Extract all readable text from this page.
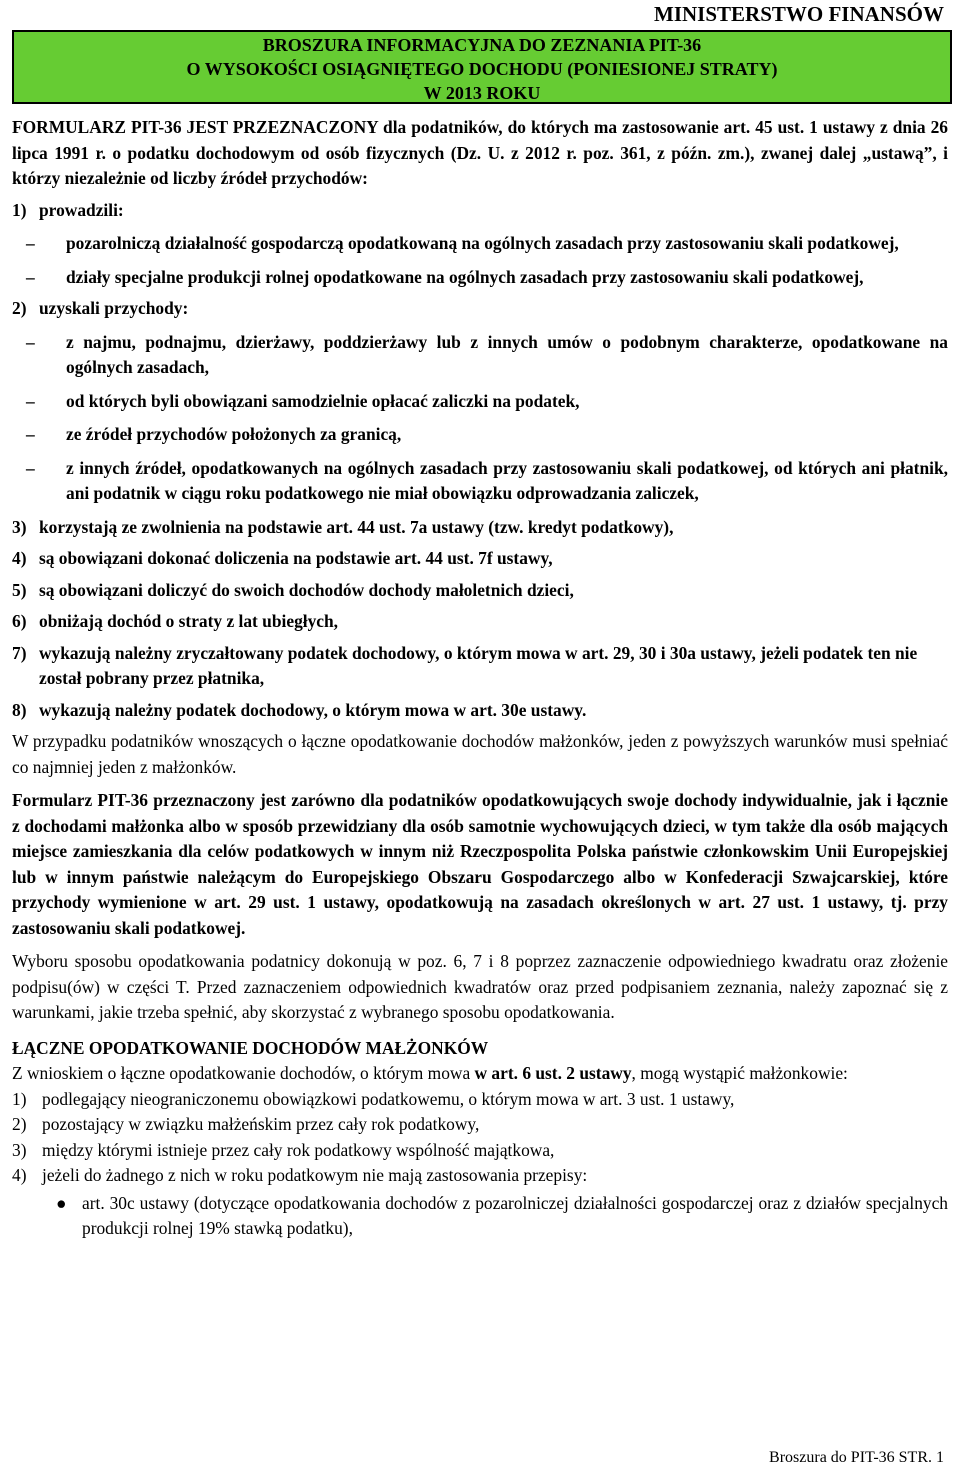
MINISTERSTWO FINANSÓW
BROSZURA INFORMACYJNA DO ZEZNANIA PIT-36
O WYSOKOŚCI OSIĄGNIĘTEGO DOCHODU (PONIESIONEJ STRATY)
W 2013 ROKU

FORMULARZ PIT-36 JEST PRZEZNACZONY dla podatników, do których ma zastosowanie art. 45 ust. 1 ustawy z dnia 26 lipca 1991 r. o podatku dochodowym od osób fizycznych (Dz. U. z 2012 r. poz. 361, z późn. zm.), zwanej dalej „ustawą”, i którzy niezależnie od liczby źródeł przychodów:

1) prowadzili:
–	pozarolniczą działalność gospodarczą opodatkowaną na ogólnych zasadach przy zastosowaniu skali podatkowej,
–	działy specjalne produkcji rolnej opodatkowane na ogólnych zasadach przy zastosowaniu skali podatkowej,
2) uzyskali przychody:
–	z najmu, podnajmu, dzierżawy, poddzierżawy lub z innych umów o podobnym charakterze, opodatkowane na ogólnych zasadach,
–	od których byli obowiązani samodzielnie opłacać zaliczki na podatek,
–	ze źródeł przychodów położonych za granicą,
–	z innych źródeł, opodatkowanych na ogólnych zasadach przy zastosowaniu skali podatkowej, od których ani płatnik, ani podatnik w ciągu roku podatkowego nie miał obowiązku odprowadzania zaliczek,
3) korzystają ze zwolnienia na podstawie art. 44 ust. 7a ustawy (tzw. kredyt podatkowy),
4) są obowiązani dokonać doliczenia na podstawie art. 44 ust. 7f ustawy,
5) są obowiązani doliczyć do swoich dochodów dochody małoletnich dzieci,
6) obniżają dochód o straty z lat ubiegłych,
7) wykazują należny zryczałtowany podatek dochodowy, o którym mowa w art. 29, 30 i 30a ustawy, jeżeli podatek ten nie został pobrany przez płatnika,
8) wykazują należny podatek dochodowy, o którym mowa w art. 30e ustawy.

W przypadku podatników wnoszących o łączne opodatkowanie dochodów małżonków, jeden z powyższych warunków musi spełniać co najmniej jeden z małżonków.

Formularz PIT-36 przeznaczony jest zarówno dla podatników opodatkowujących swoje dochody indywidualnie, jak i łącznie z dochodami małżonka albo w sposób przewidziany dla osób samotnie wychowujących dzieci, w tym także dla osób mających miejsce zamieszkania dla celów podatkowych w innym niż Rzeczpospolita Polska państwie członkowskim Unii Europejskiej lub w innym państwie należącym do Europejskiego Obszaru Gospodarczego albo w Konfederacji Szwajcarskiej, które przychody wymienione w art. 29 ust. 1 ustawy, opodatkowują na zasadach określonych w art. 27 ust. 1 ustawy, tj. przy zastosowaniu skali podatkowej.

Wyboru sposobu opodatkowania podatnicy dokonują w poz. 6, 7 i 8 poprzez zaznaczenie odpowiedniego kwadratu oraz złożenie podpisu(ów) w części T. Przed zaznaczeniem odpowiednich kwadratów oraz przed podpisaniem zeznania, należy zapoznać się z warunkami, jakie trzeba spełnić, aby skorzystać z wybranego sposobu opodatkowania.

ŁĄCZNE OPODATKOWANIE DOCHODÓW MAŁŻONKÓW

Z wnioskiem o łączne opodatkowanie dochodów, o którym mowa w art. 6 ust. 2 ustawy, mogą wystąpić małżonkowie:

1) podlegający nieograniczonemu obowiązkowi podatkowemu, o którym mowa w art. 3 ust. 1 ustawy,
2) pozostający w związku małżeńskim przez cały rok podatkowy,
3) między którymi istnieje przez cały rok podatkowy wspólność majątkowa,
4) jeżeli do żadnego z nich w roku podatkowym nie mają zastosowania przepisy:
● art. 30c ustawy (dotyczące opodatkowania dochodów z pozarolniczej działalności gospodarczej oraz z działów specjalnych produkcji rolnej 19% stawką podatku),
Broszura do PIT-36 STR. 1
